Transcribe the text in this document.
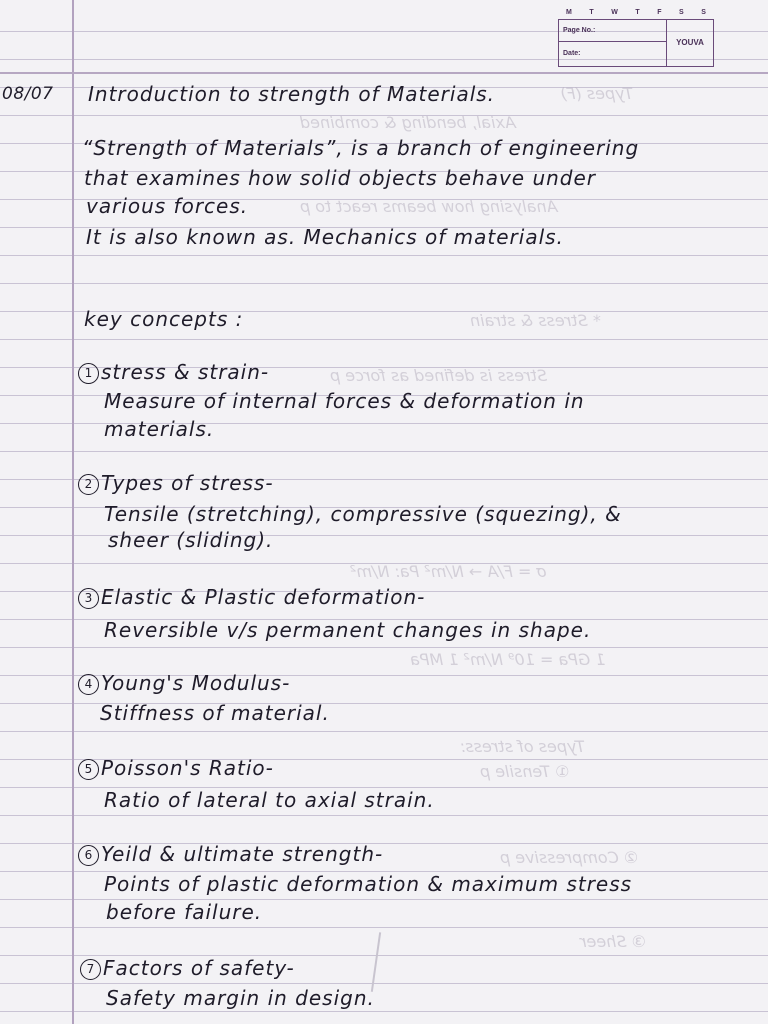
M	T	W	T	F	S	S
Page No.:
Date:
YOUVA
Types (F)
Axial, bending & combined
Analysing how beams react to p
* Stress & strain
Stress is defined as force p
σ = F/A → N/m² Pa: N/m²
1 GPa = 10⁹ N/m² 1 MPa
Types of stress:
① Tensile p
② Compressive p
③ Sheer
08/07 Introduction to strength of Materials.
“Strength of Materials”, is a branch of engineering
that examines how solid objects behave under
various forces.
It is also known as. Mechanics of materials.
key concepts :
1 stress & strain-
Measure of internal forces & deformation in
materials.
2 Types of stress-
Tensile (stretching), compressive (squezing), &
sheer (sliding).
3 Elastic & Plastic deformation-
Reversible v/s permanent changes in shape.
4 Young's Modulus-
Stiffness of material.
5 Poisson's Ratio-
Ratio of lateral to axial strain.
6 Yeild & ultimate strength-
Points of plastic deformation & maximum stress
before failure.
7 Factors of safety-
Safety margin in design.
